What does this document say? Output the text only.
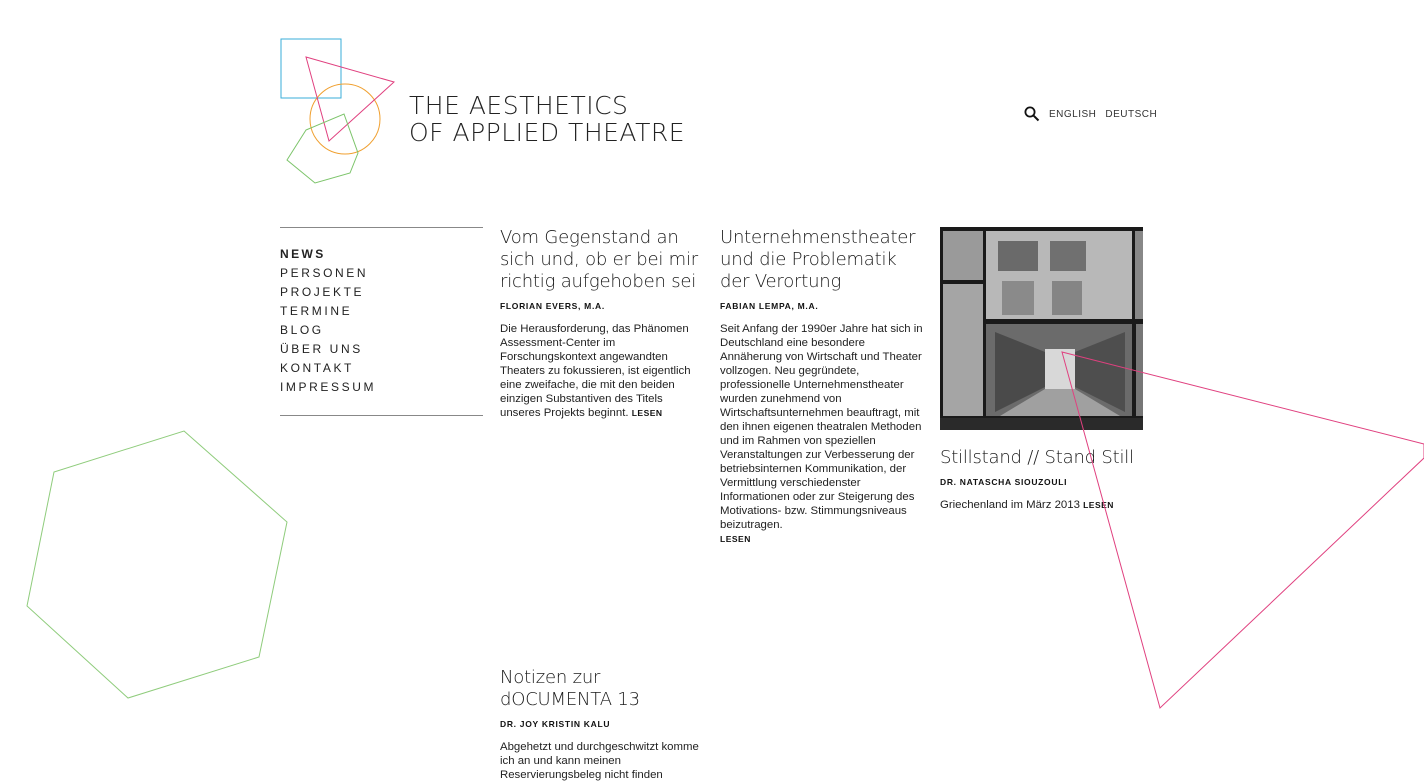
THE AESTHETICS
OF APPLIED THEATRE
ENGLISH DEUTSCH
NEWS
PERSONEN
PROJEKTE
TERMINE
BLOG
ÜBER UNS
KONTAKT
IMPRESSUM
Vom Gegenstand an sich und, ob er bei mir richtig aufgehoben sei
FLORIAN EVERS, M.A.
Die Herausforderung, das Phänomen Assessment-Center im Forschungskontext angewandten Theaters zu fokussieren, ist eigentlich eine zweifache, die mit den beiden einzigen Substantiven des Titels unseres Projekts beginnt. LESEN
Unternehmenstheater und die Problematik der Verortung
FABIAN LEMPA, M.A.
Seit Anfang der 1990er Jahre hat sich in Deutschland eine besondere Annäherung von Wirtschaft und Theater vollzogen. Neu gegründete, professionelle Unternehmenstheater wurden zunehmend von Wirtschaftsunternehmen beauftragt, mit den ihnen eigenen theatralen Methoden und im Rahmen von speziellen Veranstaltungen zur Verbesserung der betriebsinternen Kommunikation, der Vermittlung verschiedenster Informationen oder zur Steigerung des Motivations- bzw. Stimmungsniveaus beizutragen.
LESEN
Stillstand // Stand Still
DR. NATASCHA SIOUZOULI
Griechenland im März 2013 LESEN
Notizen zur dOCUMENTA 13
DR. JOY KRISTIN KALU
Abgehetzt und durchgeschwitzt komme ich an und kann meinen Reservierungsbeleg nicht finden
